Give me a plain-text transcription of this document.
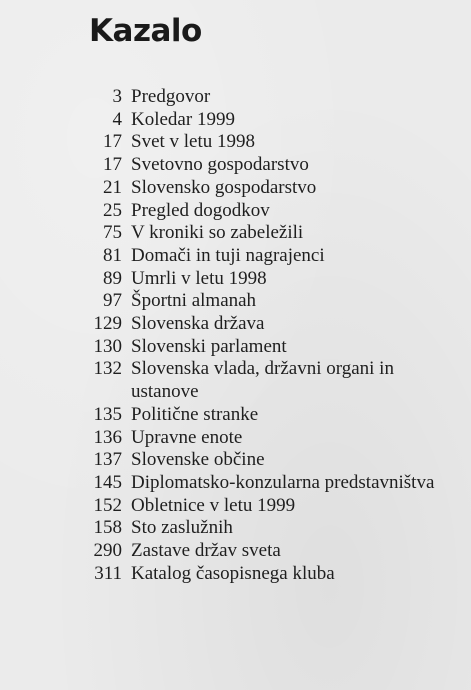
Kazalo
3 Predgovor
4 Koledar 1999
17 Svet v letu 1998
17 Svetovno gospodarstvo
21 Slovensko gospodarstvo
25 Pregled dogodkov
75 V kroniki so zabeležili
81 Domači in tuji nagrajenci
89 Umrli v letu 1998
97 Športni almanah
129 Slovenska država
130 Slovenski parlament
132 Slovenska vlada, državni organi in ustanove
135 Politične stranke
136 Upravne enote
137 Slovenske občine
145 Diplomatsko-konzularna predstavništva
152 Obletnice v letu 1999
158 Sto zaslužnih
290 Zastave držav sveta
311 Katalog časopisnega kluba
